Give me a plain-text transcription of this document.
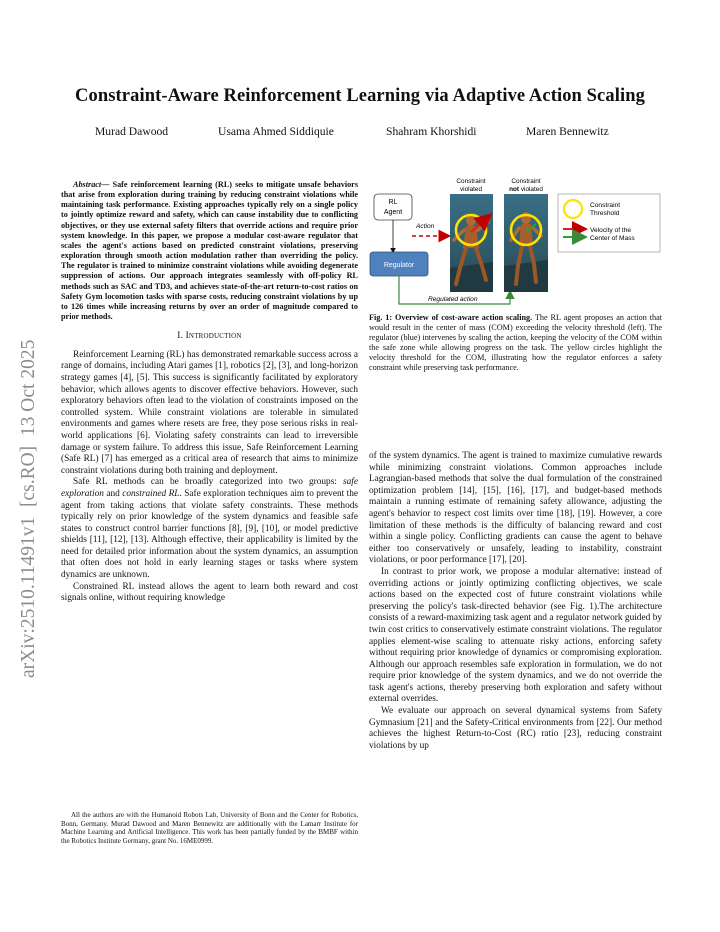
arXiv:2510.11491v1  [cs.RO]  13 Oct 2025
Constraint-Aware Reinforcement Learning via Adaptive Action Scaling
Murad Dawood	Usama Ahmed Siddiquie	Shahram Khorshidi	Maren Bennewitz

Abstract— Safe reinforcement learning (RL) seeks to mitigate unsafe behaviors that arise from exploration during training by reducing constraint violations while maintaining task performance. Existing approaches typically rely on a single policy to jointly optimize reward and safety, which can cause instability due to conflicting objectives, or they use external safety filters that override actions and require prior system knowledge. In this paper, we propose a modular cost-aware regulator that scales the agent's actions based on predicted constraint violations, preserving exploration through smooth action modulation rather than overriding the policy. The regulator is trained to minimize constraint violations while avoiding degenerate suppression of actions. Our approach integrates seamlessly with off-policy RL methods such as SAC and TD3, and achieves state-of-the-art return-to-cost ratios on Safety Gym locomotion tasks with sparse costs, reducing constraint violations by up to 126 times while increasing returns by over an order of magnitude compared to prior methods.

I. Introduction

Reinforcement Learning (RL) has demonstrated remarkable success across a range of domains, including Atari games [1], robotics [2], [3], and long-horizon strategy games [4], [5]. This success is significantly facilitated by exploratory behavior, which allows agents to discover effective behaviors. However, such exploratory behaviors often lead to the violation of constraints imposed on the controlled system. While constraint violations are tolerable in simulated environments and games where resets are free, they pose serious risks in real-world applications [6]. Violating safety constraints can lead to irreversible damage or system failure. To address this issue, Safe Reinforcement Learning (Safe RL) [7] has emerged as a critical area of research that aims to minimize constraint violations during both training and deployment.

Safe RL methods can be broadly categorized into two groups: safe exploration and constrained RL. Safe exploration techniques aim to prevent the agent from taking actions that violate safety constraints. These methods typically rely on prior knowledge of the system dynamics and feasible safe states to construct control barrier functions [8], [9], [10], or model predictive shields [11], [12], [13]. Although effective, their applicability is limited by the need for detailed prior information about the system dynamics, an assumption that often does not hold in early learning stages or tasks where system dynamics are unknown.

Constrained RL instead allows the agent to learn both reward and cost signals online, without requiring knowledge

All the authors are with the Humanoid Robots Lab, University of Bonn and the Center for Robotics, Bonn, Germany. Murad Dawood and Maren Bennewitz are additionally with the Lamarr Institute for Machine Learning and Artificial Intelligence. This work has been partially funded by the BMBF within the Robotics Institute Germany, grant No. 16ME0999.
RL
Agent
Action
Regulator
Regulated action
Constraint
violated
Constraint
not violated
Constraint
Threshold
Velocity of the
Center of Mass
Fig. 1: Overview of cost-aware action scaling. The RL agent proposes an action that would result in the center of mass (COM) exceeding the velocity threshold (left). The regulator (blue) intervenes by scaling the action, keeping the velocity of the COM within the safe zone while allowing progress on the task. The yellow circles highlight the velocity threshold for the COM, illustrating how the regulator enforces a safety constraint while preserving task performance.

of the system dynamics. The agent is trained to maximize cumulative rewards while minimizing constraint violations. Common approaches include Lagrangian-based methods that solve the dual formulation of the constrained optimization problem [14], [15], [16], [17], and budget-based methods maintain a running estimate of remaining safety allowance, adjusting the agent's behavior to respect cost limits over time [18], [19]. However, a core limitation of these methods is the difficulty of balancing reward and cost within a single policy. Conflicting gradients can cause the agent to behave either too conservatively or unsafely, leading to instability, constraint violations, or poor performance [17], [20].

In contrast to prior work, we propose a modular alternative: instead of overriding actions or jointly optimizing conflicting objectives, we scale actions based on the expected cost of future constraint violations while preserving the policy's task-directed behavior (see Fig. 1).The architecture consists of a reward-maximizing task agent and a regulator network guided by twin cost critics to conservatively estimate constraint violations. The regulator applies element-wise scaling to attenuate risky actions, enforcing safety without requiring prior knowledge of dynamics or compromising exploration. Although our approach resembles safe exploration in formulation, we do not require prior knowledge of the system dynamics, and we do not override the task agent's actions, thereby preserving both exploration and safety without external overrides.

We evaluate our approach on several dynamical systems from Safety Gymnasium [21] and the Safety-Critical environments from [22]. Our method achieves the highest Return-to-Cost (RC) ratio [23], reducing constraint violations by up
